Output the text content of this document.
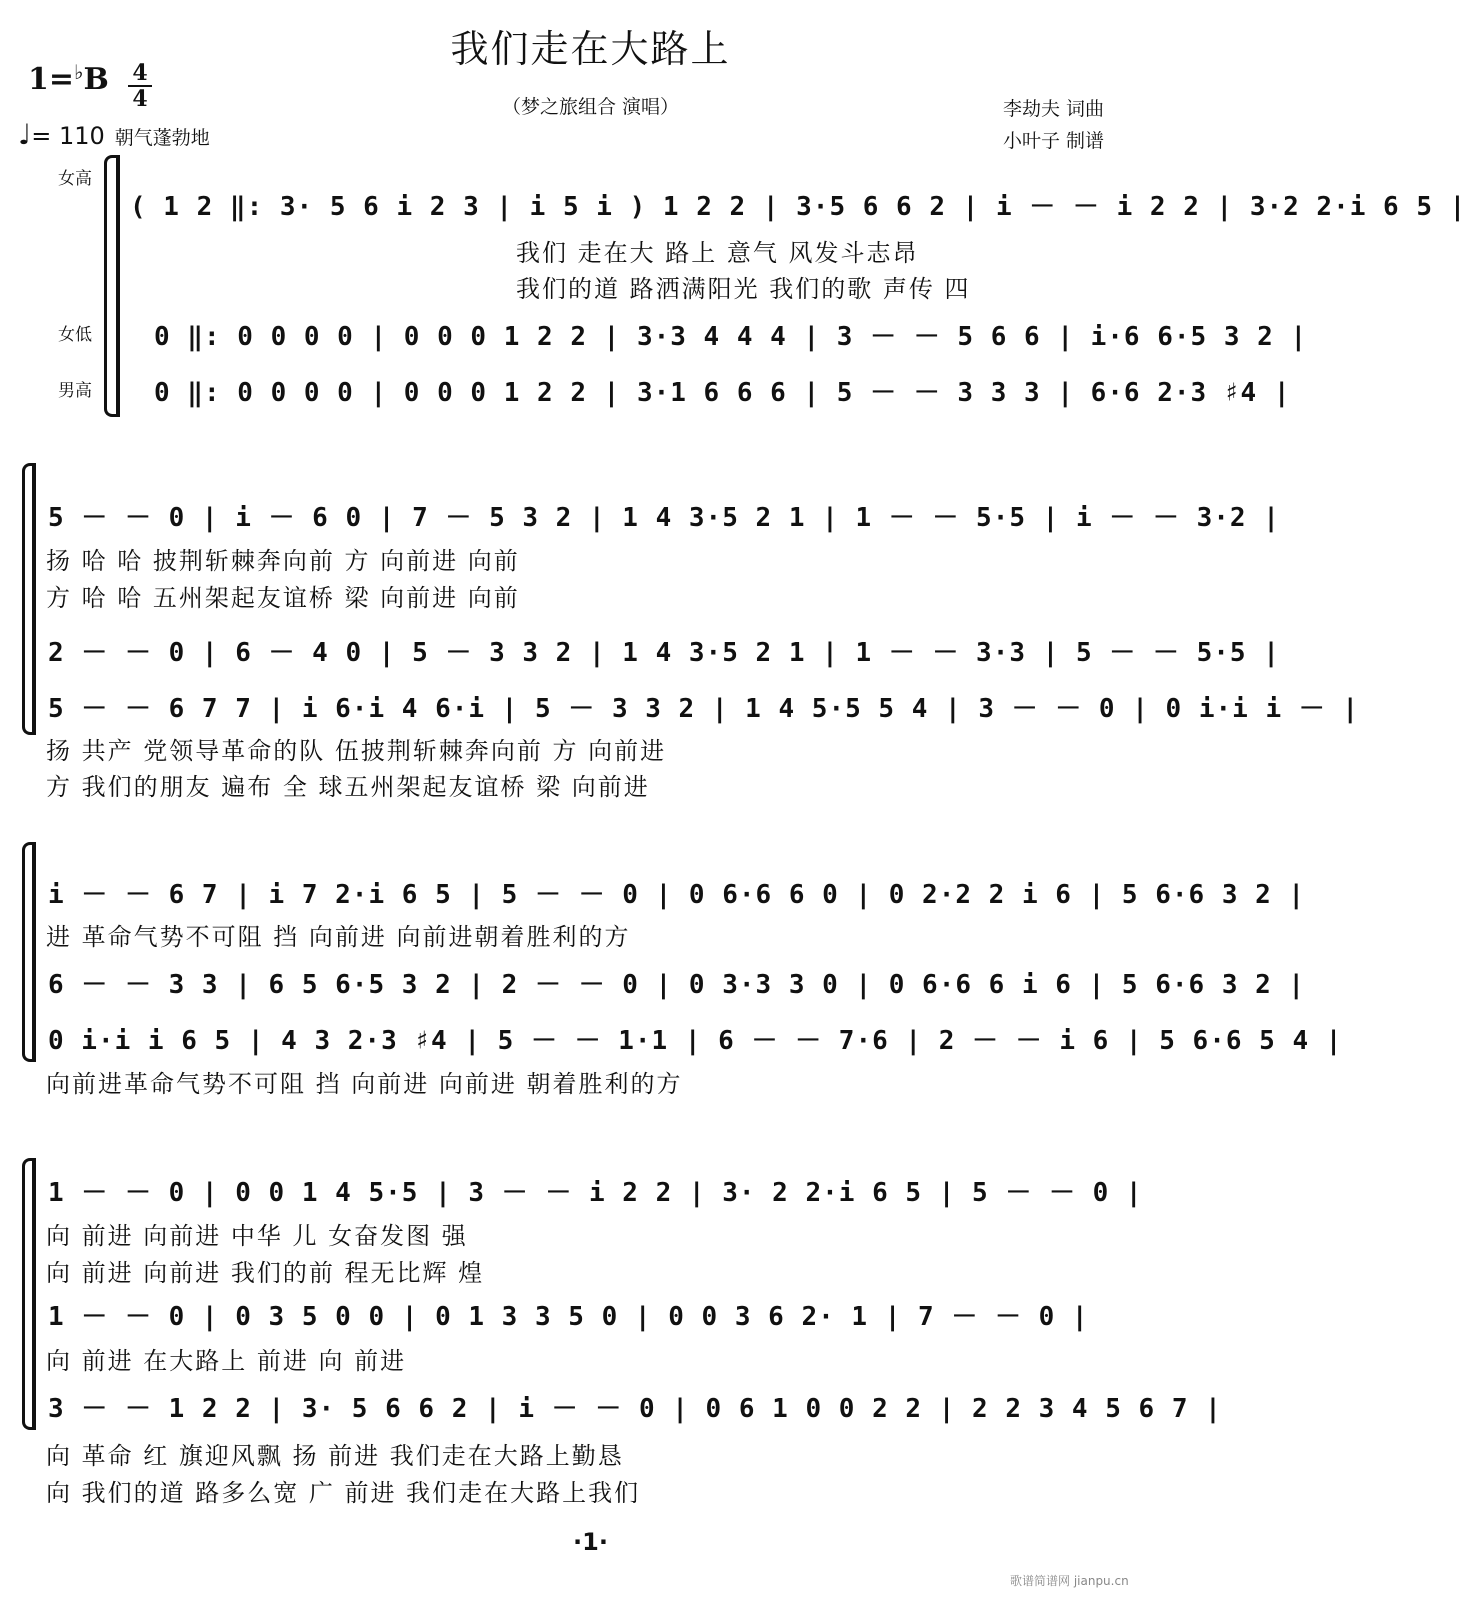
我们走在大路上
（梦之旅组合 演唱）
1=♭B 4
4
♩= 110 朝气蓬勃地
李劫夫 词曲
小叶子 制谱
女高
女低
男高
( 1 2 ‖: 3· 5 6 i 2 3 | i 5 i ) 1 2 2 | 3·5 6 6 2 | i － － i 2 2 | 3·2 2·i 6 5 |
我们 走在大 路上 意气 风发斗志昂
我们的道 路洒满阳光 我们的歌 声传 四
0 ‖: 0 0 0 0 | 0 0 0 1 2 2 | 3·3 4 4 4 | 3 － － 5 6 6 | i·6 6·5 3 2 |
0 ‖: 0 0 0 0 | 0 0 0 1 2 2 | 3·1 6 6 6 | 5 － － 3 3 3 | 6·6 2·3 ♯4 |
5 － － 0 | i － 6 0 | 7 － 5 3 2 | 1 4 3·5 2 1 | 1 － － 5·5 | i － － 3·2 |
扬 哈 哈 披荆斩棘奔向前 方 向前进 向前
方 哈 哈 五州架起友谊桥 梁 向前进 向前
2 － － 0 | 6 － 4 0 | 5 － 3 3 2 | 1 4 3·5 2 1 | 1 － － 3·3 | 5 － － 5·5 |
5 － － 6 7 7 | i 6·i 4 6·i | 5 － 3 3 2 | 1 4 5·5 5 4 | 3 － － 0 | 0 i·i i － |
扬 共产 党领导革命的队 伍披荆斩棘奔向前 方 向前进
方 我们的朋友 遍布 全 球五州架起友谊桥 梁 向前进
i － － 6 7 | i 7 2·i 6 5 | 5 － － 0 | 0 6·6 6 0 | 0 2·2 2 i 6 | 5 6·6 3 2 |
进 革命气势不可阻 挡 向前进 向前进朝着胜利的方
6 － － 3 3 | 6 5 6·5 3 2 | 2 － － 0 | 0 3·3 3 0 | 0 6·6 6 i 6 | 5 6·6 3 2 |
0 i·i i 6 5 | 4 3 2·3 ♯4 | 5 － － 1·1 | 6 － － 7·6 | 2 － － i 6 | 5 6·6 5 4 |
向前进革命气势不可阻 挡 向前进 向前进 朝着胜利的方
1 － － 0 | 0 0 1 4 5·5 | 3 － － i 2 2 | 3· 2 2·i 6 5 | 5 － － 0 |
向 前进 向前进 中华 儿 女奋发图 强
向 前进 向前进 我们的前 程无比辉 煌
1 － － 0 | 0 3 5 0 0 | 0 1 3 3 5 0 | 0 0 3 6 2· 1 | 7 － － 0 |
向 前进 在大路上 前进 向 前进
3 － － 1 2 2 | 3· 5 6 6 2 | i － － 0 | 0 6 1 0 0 2 2 | 2 2 3 4 5 6 7 |
向 革命 红 旗迎风飘 扬 前进 我们走在大路上勤恳
向 我们的道 路多么宽 广 前进 我们走在大路上我们
·1·
歌谱简谱网 jianpu.cn
